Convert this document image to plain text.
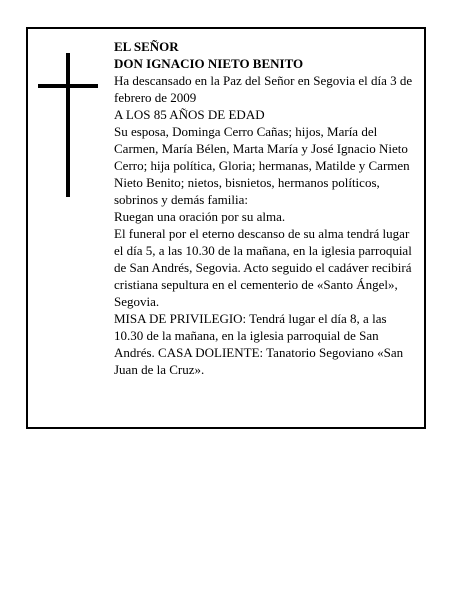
EL SEÑOR

DON IGNACIO NIETO BENITO

Ha descansado en la Paz del Señor en Segovia el día 3 de febrero de 2009

A LOS 85 AÑOS DE EDAD

Su esposa, Dominga Cerro Cañas; hijos, María del Carmen, María Bélen, Marta María y José Ignacio Nieto Cerro; hija política, Gloria; hermanas, Matilde y Carmen Nieto Benito; nietos, bisnietos, hermanos políticos, sobrinos y demás familia:

Ruegan una oración por su alma.

El funeral por el eterno descanso de su alma tendrá lugar el día 5, a las 10.30 de la mañana, en la iglesia parroquial de San Andrés, Segovia. Acto seguido el cadáver recibirá cristiana sepultura en el cementerio de «Santo Ángel», Segovia.

MISA DE PRIVILEGIO: Tendrá lugar el día 8, a las 10.30 de la mañana, en la iglesia parroquial de San Andrés. CASA DOLIENTE: Tanatorio Segoviano «San Juan de la Cruz».
